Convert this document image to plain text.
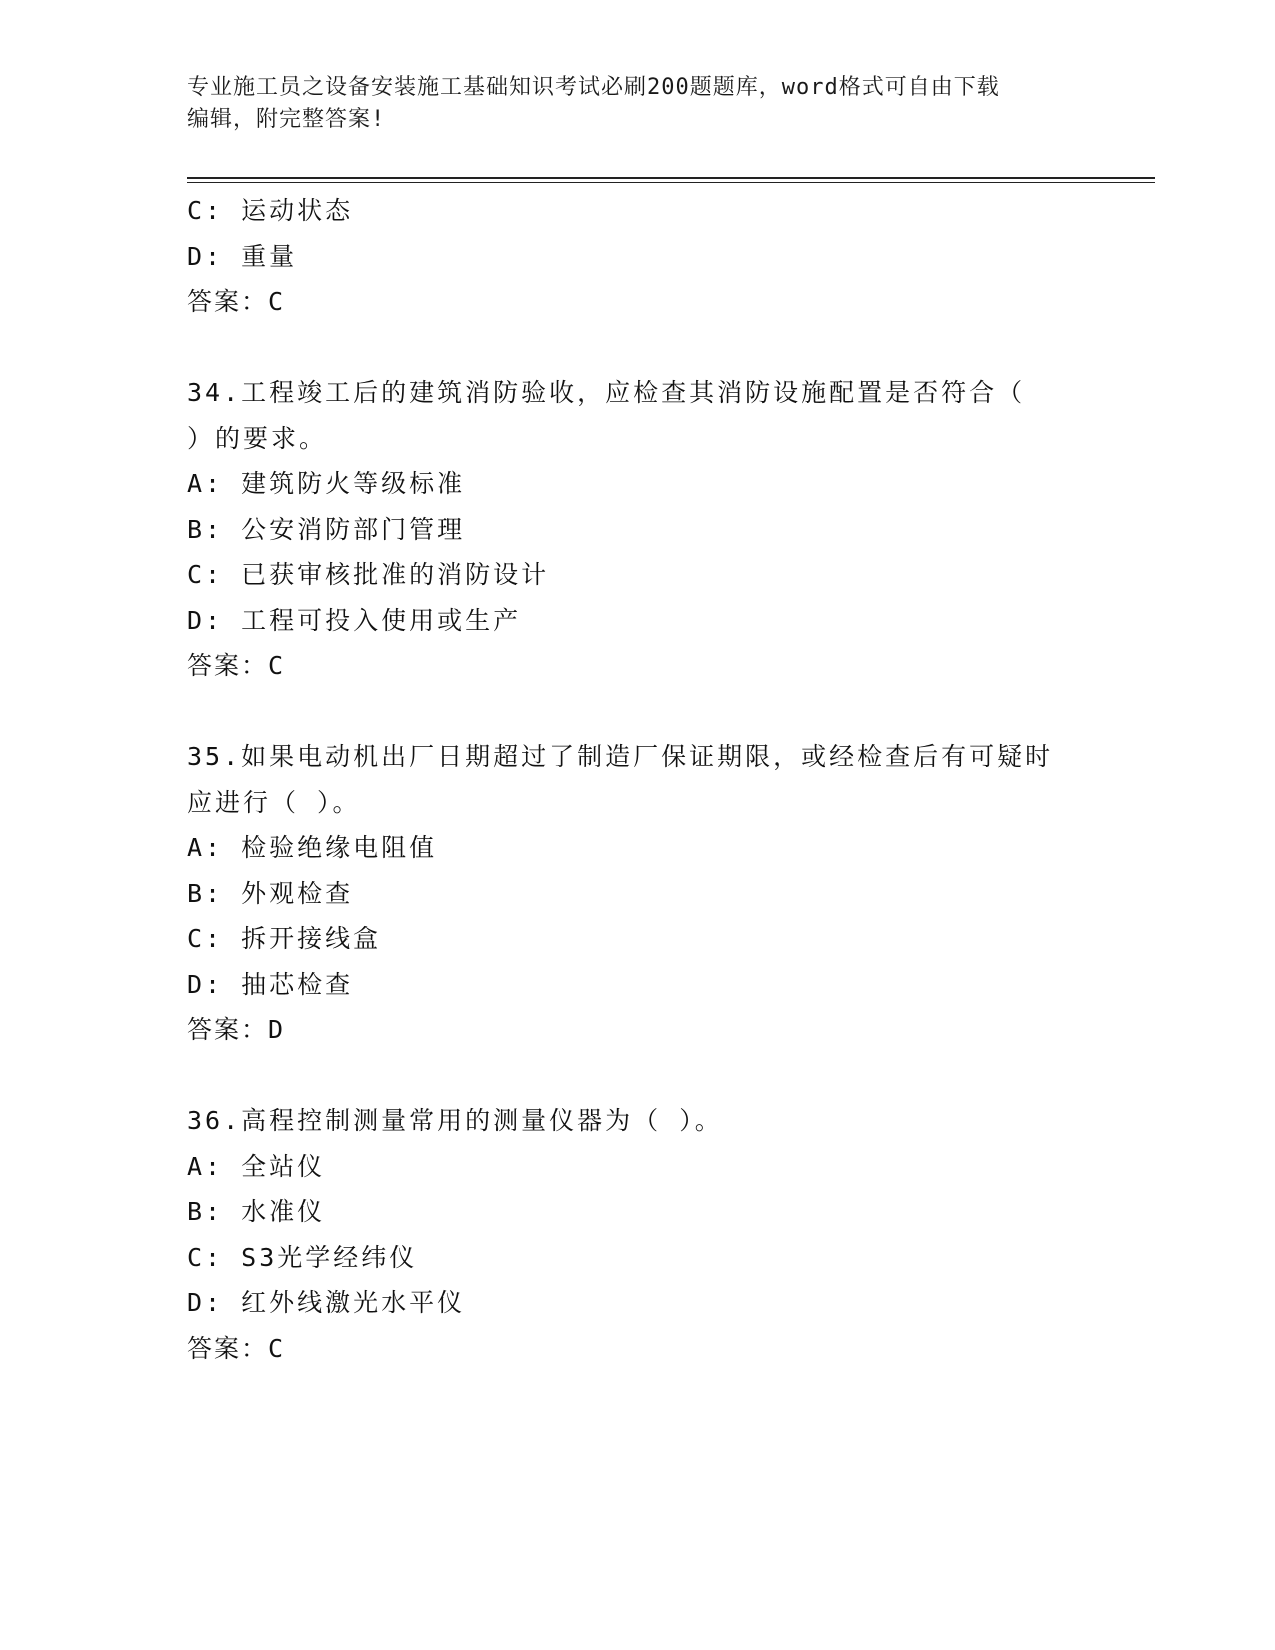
专业施工员之设备安装施工基础知识考试必刷200题题库，word格式可自由下载
编辑，附完整答案!
C: 运动状态
D: 重量
答案：C
34.工程竣工后的建筑消防验收，应检查其消防设施配置是否符合（
）的要求。
A: 建筑防火等级标准
B: 公安消防部门管理
C: 已获审核批准的消防设计
D: 工程可投入使用或生产
答案：C
35.如果电动机出厂日期超过了制造厂保证期限，或经检查后有可疑时
应进行（ ）。
A: 检验绝缘电阻值
B: 外观检查
C: 拆开接线盒
D: 抽芯检查
答案：D
36.高程控制测量常用的测量仪器为（ ）。
A: 全站仪
B: 水准仪
C: S3光学经纬仪
D: 红外线激光水平仪
答案：C
